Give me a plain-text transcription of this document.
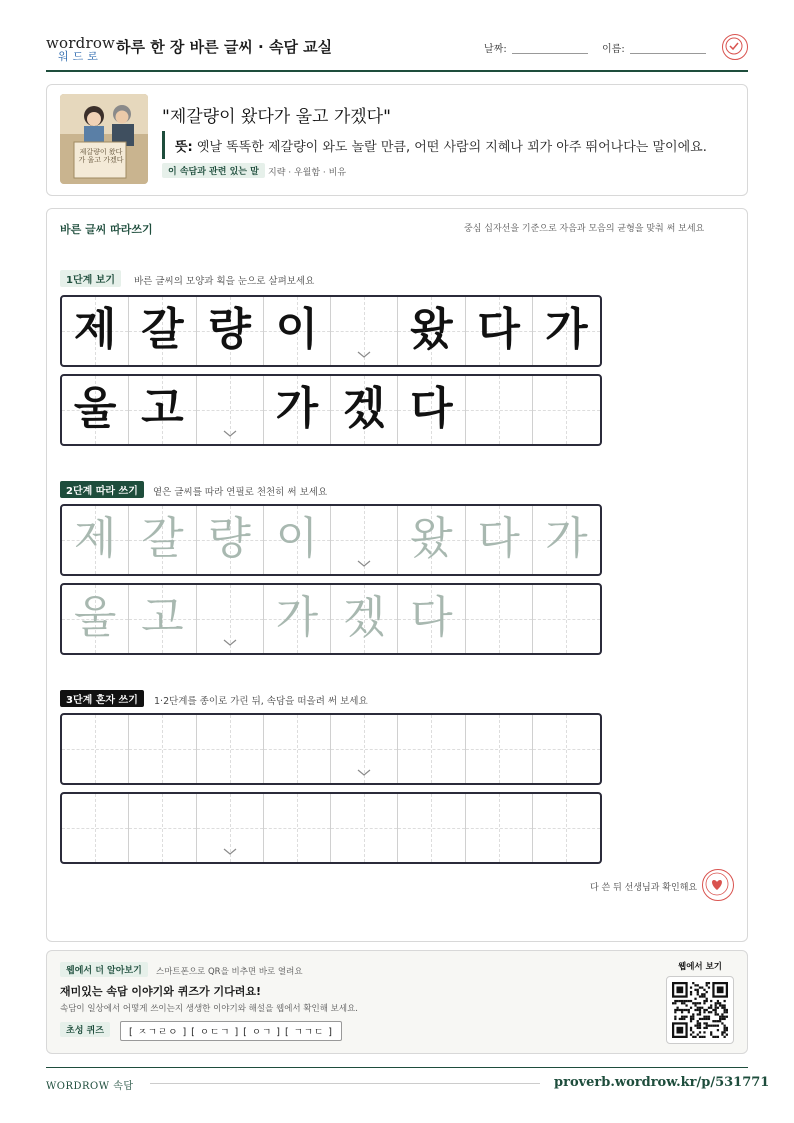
wordrow
워드로
하루 한 장 바른 글씨 · 속담 교실	날짜:	이름:
제갈량이 왔다가 울고 가겠다
"제갈량이 왔다가 울고 가겠다"
뜻: 옛날 똑똑한 제갈량이 와도 놀랄 만큼, 어떤 사람의 지혜나 꾀가 아주 뛰어나다는 말이에요.
이 속담과 관련 있는 말	지략 · 우월함 · 비유
바른 글씨 따라쓰기	중심 십자선을 기준으로 자음과 모음의 균형을 맞춰 써 보세요
1단계 보기	바른 글씨의 모양과 획을 눈으로 살펴보세요
제 갈 량 이 왔 다 가
울 고 가 겠 다
2단계 따라 쓰기	옅은 글씨를 따라 연필로 천천히 써 보세요
제 갈 량 이 왔 다 가
울 고 가 겠 다
3단계 혼자 쓰기	1·2단계를 종이로 가린 뒤, 속담을 떠올려 써 보세요
다 쓴 뒤 선생님과 확인해요
웹에서 더 알아보기	스마트폰으로 QR을 비추면 바로 열려요
재미있는 속담 이야기와 퀴즈가 기다려요!
속담이 일상에서 어떻게 쓰이는지 생생한 이야기와 해설을 웹에서 확인해 보세요.
초성 퀴즈	[ ㅈㄱㄹㅇ ] [ ㅇㄷㄱ ] [ ㅇㄱ ] [ ㄱㄱㄷ ]
웹에서 보기
WORDROW 속담	proverb.wordrow.kr/p/531771
